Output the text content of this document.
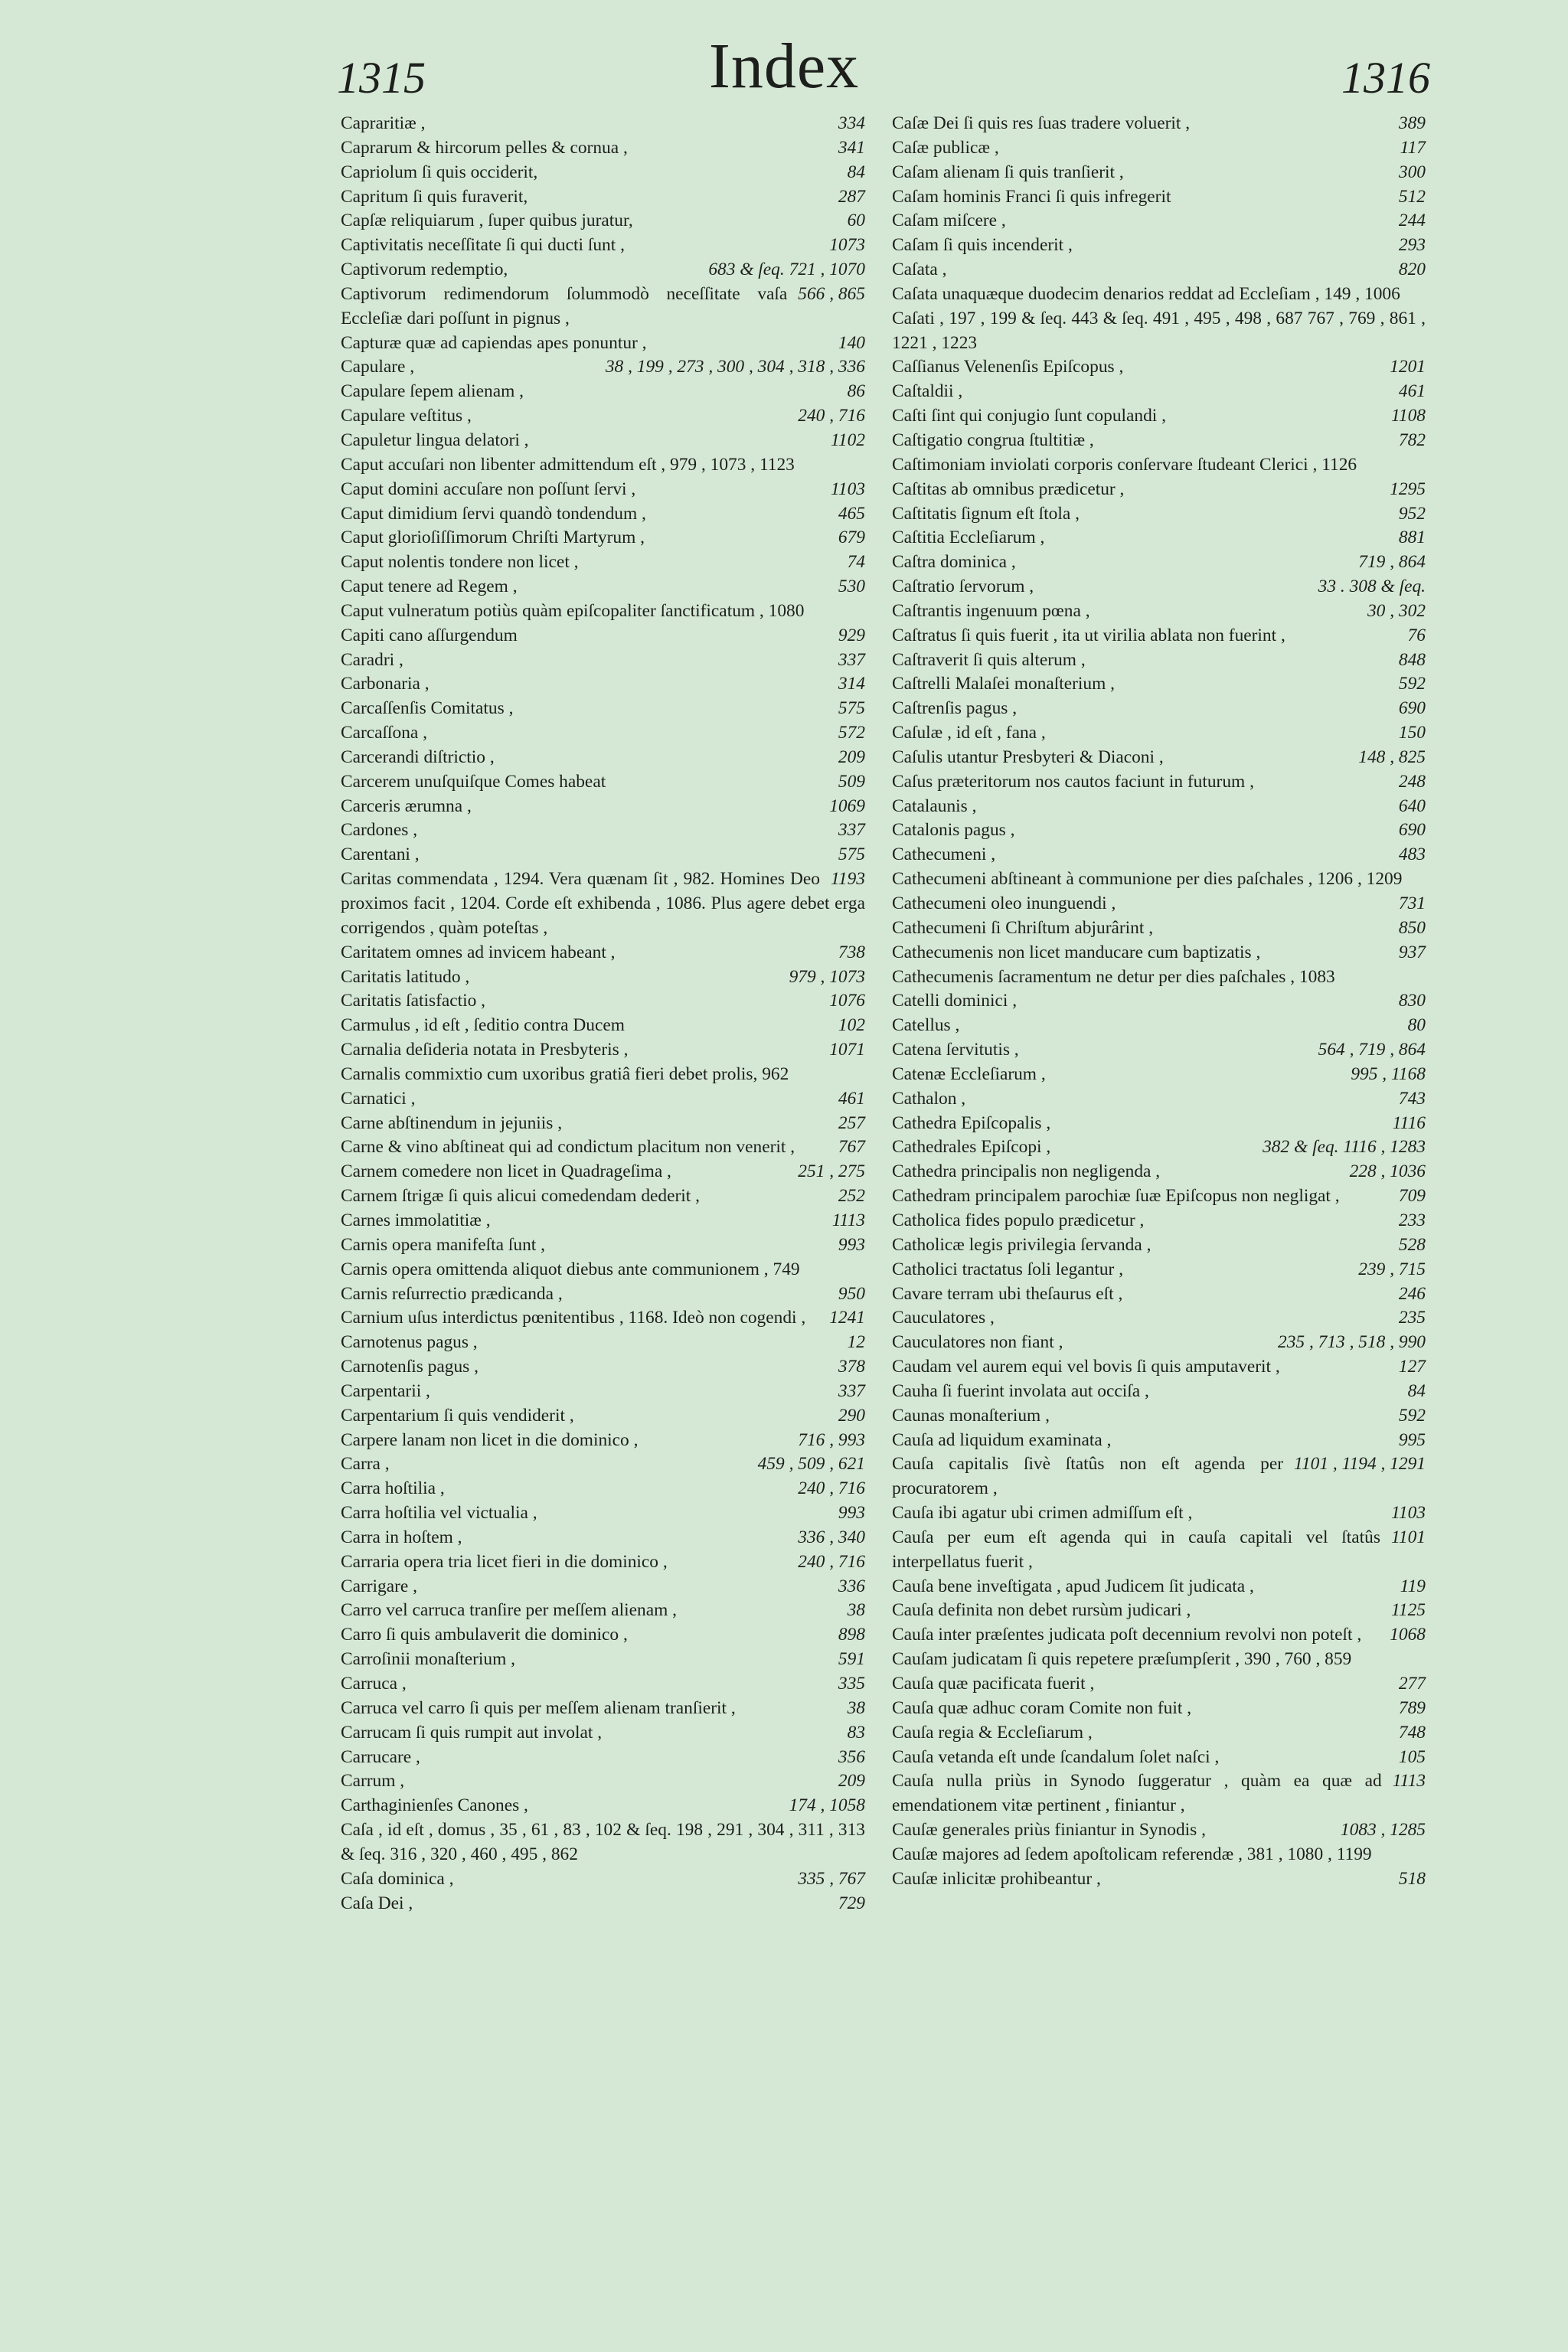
1315	Index	1316
334
Capraritiæ ,
341
Caprarum & hircorum pelles & cornua ,
84
Capriolum ſi quis occiderit,
287
Capritum ſi quis furaverit,
60
Capſæ reliquiarum , ſuper quibus juratur,
1073
Captivitatis neceſſitate ſi qui ducti ſunt ,
683 & ſeq. 721 , 1070
Captivorum redemptio,
566 , 865
Captivorum redimendorum ſolummodò neceſſitate vaſa Eccleſiæ dari poſſunt in pignus ,
140
Capturæ quæ ad capiendas apes ponuntur ,
38 , 199 , 273 , 300 , 304 , 318 , 336
Capulare ,
86
Capulare ſepem alienam ,
240 , 716
Capulare veſtitus ,
1102
Capuletur lingua delatori ,
Caput accuſari non libenter admittendum eſt , 979 , 1073 , 1123
1103
Caput domini accuſare non poſſunt ſervi ,
465
Caput dimidium ſervi quandò tondendum ,
679
Caput glorioſiſſimorum Chriſti Martyrum ,
74
Caput nolentis tondere non licet ,
530
Caput tenere ad Regem ,
Caput vulneratum potiùs quàm epiſcopaliter ſanctificatum , 1080
929
Capiti cano aſſurgendum
337
Caradri ,
314
Carbonaria ,
575
Carcaſſenſis Comitatus ,
572
Carcaſſona ,
209
Carcerandi diſtrictio ,
509
Carcerem unuſquiſque Comes habeat
1069
Carceris ærumna ,
337
Cardones ,
575
Carentani ,
1193
Caritas commendata , 1294. Vera quænam ſit , 982. Homines Deo proximos facit , 1204. Corde eſt exhibenda , 1086. Plus agere debet erga corrigendos , quàm poteſtas ,
738
Caritatem omnes ad invicem habeant ,
979 , 1073
Caritatis latitudo ,
1076
Caritatis ſatisfactio ,
102
Carmulus , id eſt , ſeditio contra Ducem
1071
Carnalia deſideria notata in Presbyteris ,
Carnalis commixtio cum uxoribus gratiâ fieri debet prolis, 962
461
Carnatici ,
257
Carne abſtinendum in jejuniis ,
767
Carne & vino abſtineat qui ad condictum placitum non venerit ,
251 , 275
Carnem comedere non licet in Quadrageſima ,
252
Carnem ſtrigæ ſi quis alicui comedendam dederit ,
1113
Carnes immolatitiæ ,
993
Carnis opera manifeſta ſunt ,
Carnis opera omittenda aliquot diebus ante communionem , 749
950
Carnis reſurrectio prædicanda ,
1241
Carnium uſus interdictus pœnitentibus , 1168. Ideò non cogendi ,
12
Carnotenus pagus ,
378
Carnotenſis pagus ,
337
Carpentarii ,
290
Carpentarium ſi quis vendiderit ,
716 , 993
Carpere lanam non licet in die dominico ,
459 , 509 , 621
Carra ,
240 , 716
Carra hoſtilia ,
993
Carra hoſtilia vel victualia ,
336 , 340
Carra in hoſtem ,
240 , 716
Carraria opera tria licet fieri in die dominico ,
336
Carrigare ,
38
Carro vel carruca tranſire per meſſem alienam ,
898
Carro ſi quis ambulaverit die dominico ,
591
Carroſinii monaſterium ,
335
Carruca ,
38
Carruca vel carro ſi quis per meſſem alienam tranſierit ,
83
Carrucam ſi quis rumpit aut involat ,
356
Carrucare ,
209
Carrum ,
174 , 1058
Carthaginienſes Canones ,
Caſa , id eſt , domus , 35 , 61 , 83 , 102 & ſeq. 198 , 291 , 304 , 311 , 313 & ſeq. 316 , 320 , 460 , 495 , 862
335 , 767
Caſa dominica ,
729
Caſa Dei ,
389
Caſæ Dei ſi quis res ſuas tradere voluerit ,
117
Caſæ publicæ ,
300
Caſam alienam ſi quis tranſierit ,
512
Caſam hominis Franci ſi quis infregerit
244
Caſam miſcere ,
293
Caſam ſi quis incenderit ,
820
Caſata ,
Caſata unaquæque duodecim denarios reddat ad Eccleſiam , 149 , 1006
Caſati , 197 , 199 & ſeq. 443 & ſeq. 491 , 495 , 498 , 687 767 , 769 , 861 , 1221 , 1223
1201
Caſſianus Velenenſis Epiſcopus ,
461
Caſtaldii ,
1108
Caſti ſint qui conjugio ſunt copulandi ,
782
Caſtigatio congrua ſtultitiæ ,
Caſtimoniam inviolati corporis conſervare ſtudeant Clerici , 1126
1295
Caſtitas ab omnibus prædicetur ,
952
Caſtitatis ſignum eſt ſtola ,
881
Caſtitia Eccleſiarum ,
719 , 864
Caſtra dominica ,
33 . 308 & ſeq.
Caſtratio ſervorum ,
30 , 302
Caſtrantis ingenuum pœna ,
76
Caſtratus ſi quis fuerit , ita ut virilia ablata non fuerint ,
848
Caſtraverit ſi quis alterum ,
592
Caſtrelli Malaſei monaſterium ,
690
Caſtrenſis pagus ,
150
Caſulæ , id eſt , fana ,
148 , 825
Caſulis utantur Presbyteri & Diaconi ,
248
Caſus præteritorum nos cautos faciunt in futurum ,
640
Catalaunis ,
690
Catalonis pagus ,
483
Cathecumeni ,
Cathecumeni abſtineant à communione per dies paſchales , 1206 , 1209
731
Cathecumeni oleo inunguendi ,
850
Cathecumeni ſi Chriſtum abjurârint ,
937
Cathecumenis non licet manducare cum baptizatis ,
Cathecumenis ſacramentum ne detur per dies paſchales , 1083
830
Catelli dominici ,
80
Catellus ,
564 , 719 , 864
Catena ſervitutis ,
995 , 1168
Catenæ Eccleſiarum ,
743
Cathalon ,
1116
Cathedra Epiſcopalis ,
382 & ſeq. 1116 , 1283
Cathedrales Epiſcopi ,
228 , 1036
Cathedra principalis non negligenda ,
709
Cathedram principalem parochiæ ſuæ Epiſcopus non negligat ,
233
Catholica fides populo prædicetur ,
528
Catholicæ legis privilegia ſervanda ,
239 , 715
Catholici tractatus ſoli legantur ,
246
Cavare terram ubi theſaurus eſt ,
235
Cauculatores ,
235 , 713 , 518 , 990
Cauculatores non fiant ,
127
Caudam vel aurem equi vel bovis ſi quis amputaverit ,
84
Cauha ſi fuerint involata aut occiſa ,
592
Caunas monaſterium ,
995
Cauſa ad liquidum examinata ,
1101 , 1194 , 1291
Cauſa capitalis ſivè ſtatûs non eſt agenda per procuratorem ,
1103
Cauſa ibi agatur ubi crimen admiſſum eſt ,
1101
Cauſa per eum eſt agenda qui in cauſa capitali vel ſtatûs interpellatus fuerit ,
119
Cauſa bene inveſtigata , apud Judicem ſit judicata ,
1125
Cauſa definita non debet rursùm judicari ,
1068
Cauſa inter præſentes judicata poſt decennium revolvi non poteſt ,
Cauſam judicatam ſi quis repetere præſumpſerit , 390 , 760 , 859
277
Cauſa quæ pacificata fuerit ,
789
Cauſa quæ adhuc coram Comite non fuit ,
748
Cauſa regia & Eccleſiarum ,
105
Cauſa vetanda eſt unde ſcandalum ſolet naſci ,
1113
Cauſa nulla priùs in Synodo ſuggeratur , quàm ea quæ ad emendationem vitæ pertinent , finiantur ,
1083 , 1285
Cauſæ generales priùs finiantur in Synodis ,
Cauſæ majores ad ſedem apoſtolicam referendæ , 381 , 1080 , 1199
518
Cauſæ inlicitæ prohibeantur ,
